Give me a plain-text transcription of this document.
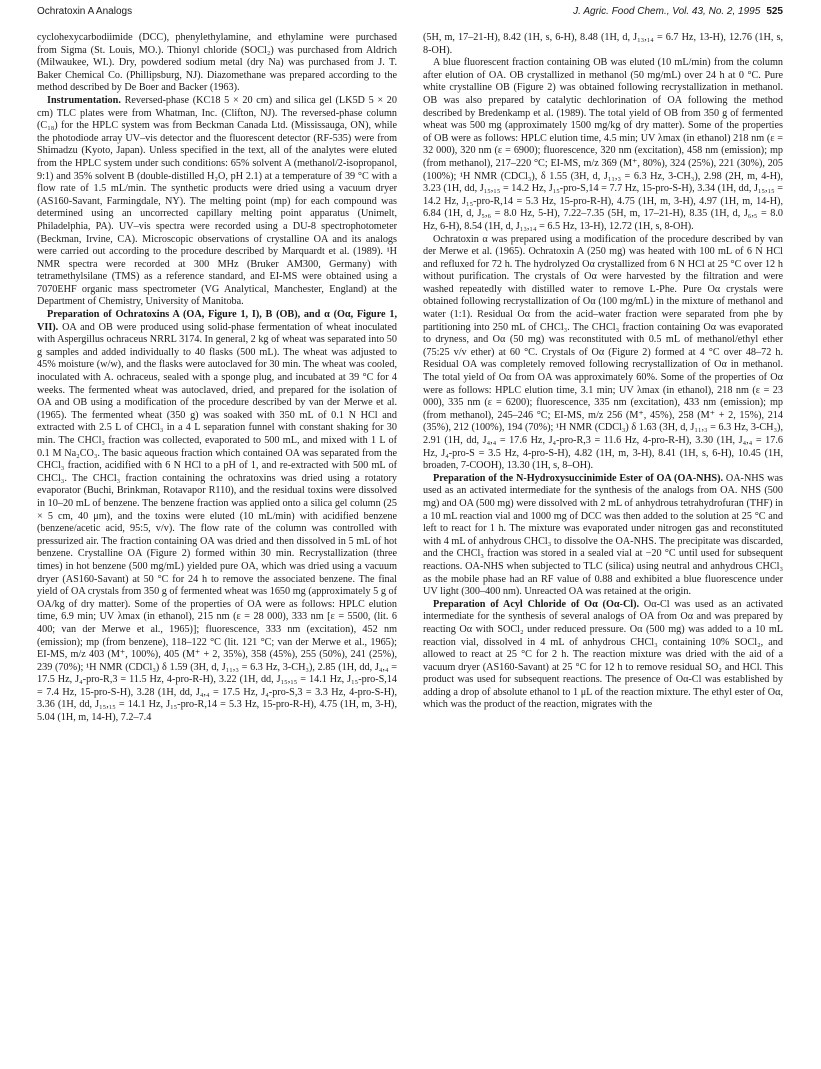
Ochratoxin A Analogs	J. Agric. Food Chem., Vol. 43, No. 2, 1995 525

cyclohexycarbodiimide (DCC), phenylethylamine, and ethylamine were purchased from Sigma (St. Louis, MO.). Thionyl chloride (SOCl₂) was purchased from Aldrich (Milwaukee, WI.). Dry, powdered sodium metal (dry Na) was purchased from J. T. Baker Chemical Co. (Phillipsburg, NJ). Diazomethane was prepared according to the method described by De Boer and Backer (1963).

Instrumentation. Reversed-phase (KC18 5 × 20 cm) and silica gel (LK5D 5 × 20 cm) TLC plates were from Whatman, Inc. (Clifton, NJ). The reversed-phase column (C₁₈) for the HPLC system was from Beckman Canada Ltd. (Mississauga, ON), while the photodiode array UV–vis detector and the fluorescent detector (RF-535) were from Shimadzu (Kyoto, Japan). Unless specified in the text, all of the analytes were eluted from the HPLC system under such conditions: 65% solvent A (methanol/2-isopropanol, 9:1) and 35% solvent B (double-distilled H₂O, pH 2.1) at a temperature of 39 °C with a flow rate of 1.5 mL/min. The synthetic products were dried using a vacuum dryer (AS160-Savant, Farmingdale, NY). The melting point (mp) for each compound was determined using an uncorrected capillary melting point apparatus (Unimelt, Philadelphia, PA). UV–vis spectra were recorded using a DU-8 spectrophotometer (Beckman, Irvine, CA). Microscopic observations of crystalline OA and its analogs were carried out according to the procedure described by Marquardt et al. (1989). ¹H NMR spectra were recorded at 300 MHz (Bruker AM300, Germany) with tetramethylsilane (TMS) as a reference standard, and EI-MS were obtained using a 7070EHF organic mass spectrometer (VG Analytical, Manchester, England) at the Department of Chemistry, University of Manitoba.

Preparation of Ochratoxins A (OA, Figure 1, I), B (OB), and α (Oα, Figure 1, VII). OA and OB were produced using solid-phase fermentation of wheat inoculated with Aspergillus ochraceus NRRL 3174. In general, 2 kg of wheat was separated into 50 g samples and added individually to 40 flasks (500 mL). The wheat was adjusted to 45% moisture (w/w), and the flasks were autoclaved for 30 min. The wheat was cooled, inoculated with A. ochraceus, sealed with a sponge plug, and incubated at 39 °C for 4 weeks. The fermented wheat was autoclaved, dried, and prepared for the isolation of OA and OB using a modification of the procedure described by van der Merwe et al. (1965). The fermented wheat (350 g) was soaked with 350 mL of 0.1 N HCl and extracted with 2.5 L of CHCl₃ in a 4 L separation funnel with constant shaking for 30 min. The CHCl₃ fraction was collected, evaporated to 500 mL, and mixed with 1 L of 0.1 M Na₂CO₃. The basic aqueous fraction which contained OA was separated from the CHCl₃ fraction, acidified with 6 N HCl to a pH of 1, and re-extracted with 500 mL of CHCl₃. The CHCl₃ fraction containing the ochratoxins was dried using a rotatory evaporator (Buchi, Brinkman, Rotavapor R110), and the residual toxins were dissolved in 10–20 mL of benzene. The benzene fraction was applied onto a silica gel column (25 × 5 cm, 40 μm), and the toxins were eluted (10 mL/min) with acidified benzene (benzene/acetic acid, 95:5, v/v). The flow rate of the column was controlled with pressurized air. The fraction containing OA was dried and then dissolved in 5 mL of hot benzene. Crystalline OA (Figure 2) formed within 30 min. Recrystallization (three times) in hot benzene (500 mg/mL) yielded pure OA, which was dried using a vacuum dryer (AS160-Savant) at 50 °C for 24 h to remove the associated benzene. The final yield of OA crystals from 350 g of fermented wheat was 1650 mg (approximately 5 g of OA/kg of dry matter). Some of the properties of OA were as follows: HPLC elution time, 6.9 min; UV λmax (in ethanol), 215 nm (ε = 28 000), 333 nm [ε = 5500, (lit. 6 400; van der Merwe et al., 1965)]; fluorescence, 333 nm (excitation), 452 nm (emission); mp (from benzene), 118–122 °C (lit. 121 °C; van der Merwe et al., 1965); EI-MS, m/z 403 (M⁺, 100%), 405 (M⁺ + 2, 35%), 358 (45%), 255 (50%), 241 (25%), 239 (70%); ¹H NMR (CDCl₃) δ 1.59 (3H, d, J₁₁,₃ = 6.3 Hz, 3-CH₃), 2.85 (1H, dd, J₄,₄ = 17.5 Hz, J₄-pro-R,3 = 11.5 Hz, 4-pro-R-H), 3.22 (1H, dd, J₁₅,₁₅ = 14.1 Hz, J₁₅-pro-S,14 = 7.4 Hz, 15-pro-S-H), 3.28 (1H, dd, J₄,₄ = 17.5 Hz, J₄-pro-S,3 = 3.3 Hz, 4-pro-S-H), 3.36 (1H, dd, J₁₅,₁₅ = 14.1 Hz, J₁₅-pro-R,14 = 5.3 Hz, 15-pro-R-H), 4.75 (1H, m, 3-H), 5.04 (1H, m, 14-H), 7.2–7.4

(5H, m, 17–21-H), 8.42 (1H, s, 6-H), 8.48 (1H, d, J₁₃,₁₄ = 6.7 Hz, 13-H), 12.76 (1H, s, 8-OH).

A blue fluorescent fraction containing OB was eluted (10 mL/min) from the column after elution of OA. OB crystallized in methanol (50 mg/mL) over 24 h at 0 °C. Pure white crystalline OB (Figure 2) was obtained following recrystallization in methanol. OB was also prepared by catalytic dechlorination of OA following the method described by Bredenkamp et al. (1989). The total yield of OB from 350 g of fermented wheat was 500 mg (approximately 1500 mg/kg of dry matter). Some of the properties of OB were as follows: HPLC elution time, 4.5 min; UV λmax (in ethanol) 218 nm (ε = 32 000), 320 nm (ε = 6900); fluorescence, 320 nm (excitation), 458 nm (emission); mp (from methanol), 217–220 °C; EI-MS, m/z 369 (M⁺, 80%), 324 (25%), 221 (30%), 205 (100%); ¹H NMR (CDCl₃), δ 1.55 (3H, d, J₁₁,₃ = 6.3 Hz, 3-CH₃), 2.98 (2H, m, 4-H), 3.23 (1H, dd, J₁₅,₁₅ = 14.2 Hz, J₁₅-pro-S,14 = 7.7 Hz, 15-pro-S-H), 3.34 (1H, dd, J₁₅,₁₅ = 14.2 Hz, J₁₅-pro-R,14 = 5.3 Hz, 15-pro-R-H), 4.75 (1H, m, 3-H), 4.97 (1H, m, 14-H), 6.84 (1H, d, J₅,₆ = 8.0 Hz, 5-H), 7.22–7.35 (5H, m, 17–21-H), 8.35 (1H, d, J₆,₅ = 8.0 Hz, 6-H), 8.54 (1H, d, J₁₃,₁₄ = 6.5 Hz, 13-H), 12.72 (1H, s, 8-OH).

Ochratoxin α was prepared using a modification of the procedure described by van der Merwe et al. (1965). Ochratoxin A (250 mg) was heated with 100 mL of 6 N HCl and refluxed for 72 h. The hydrolyzed Oα crystallized from 6 N HCl at 25 °C over 12 h without purification. The crystals of Oα were harvested by the filtration and were washed repeatedly with distilled water to remove L-Phe. Pure Oα crystals were obtained following recrystallization of Oα (100 mg/mL) in the mixture of methanol and water (1:1). Residual Oα from the acid–water fraction were separated from phe by partitioning into 250 mL of CHCl₃. The CHCl₃ fraction containing Oα was evaporated to dryness, and Oα (50 mg) was reconstituted with 0.5 mL of methanol/ethyl ether (75:25 v/v ether) at 60 °C. Crystals of Oα (Figure 2) formed at 4 °C over 48–72 h. Residual OA was completely removed following recrystallization of Oα in methanol. The total yield of Oα from OA was approximately 60%. Some of the properties of Oα were as follows: HPLC elution time, 3.1 min; UV λmax (in ethanol), 218 nm (ε = 23 000), 335 nm (ε = 6200); fluorescence, 335 nm (excitation), 433 nm (emission); mp (from methanol), 245–246 °C; EI-MS, m/z 256 (M⁺, 45%), 258 (M⁺ + 2, 15%), 214 (35%), 212 (100%), 194 (70%); ¹H NMR (CDCl₃) δ 1.63 (3H, d, J₁₁,₃ = 6.3 Hz, 3-CH₃), 2.91 (1H, dd, J₄,₄ = 17.6 Hz, J₄-pro-R,3 = 11.6 Hz, 4-pro-R-H), 3.30 (1H, J₄,₄ = 17.6 Hz, J₄-pro-S = 3.5 Hz, 4-pro-S-H), 4.82 (1H, m, 3-H), 8.41 (1H, s, 6-H), 10.45 (1H, broaden, 7-COOH), 13.30 (1H, s, 8–OH).

Preparation of the N-Hydroxysuccinimide Ester of OA (OA-NHS). OA-NHS was used as an activated intermediate for the synthesis of the analogs from OA. NHS (500 mg) and OA (500 mg) were dissolved with 2 mL of anhydrous tetrahydrofuran (THF) in a 10 mL reaction vial and 1000 mg of DCC was then added to the solution at 25 °C and left to react for 1 h. The mixture was evaporated under nitrogen gas and reconstituted with 4 mL of anhydrous CHCl₃ to dissolve the OA-NHS. The precipitate was discarded, and the CHCl₃ fraction was stored in a sealed vial at −20 °C until used for subsequent reactions. OA-NHS when subjected to TLC (silica) using neutral and anhydrous CHCl₃ as the mobile phase had an RF value of 0.88 and exhibited a blue fluorescence under UV light (300–400 nm). Unreacted OA was retained at the origin.

Preparation of Acyl Chloride of Oα (Oα-Cl). Oα-Cl was used as an activated intermediate for the synthesis of several analogs of OA from Oα and was prepared by reacting Oα with SOCl₂ under reduced pressure. Oα (500 mg) was added to a 10 mL reaction vial, dissolved in 4 mL of anhydrous CHCl₃ containing 10% SOCl₂, and allowed to react at 25 °C for 2 h. The reaction mixture was dried with the aid of a vacuum dryer (AS160-Savant) at 25 °C for 12 h to remove residual SO₂ and HCl. This product was used for subsequent reactions. The presence of Oα-Cl was established by adding a drop of absolute ethanol to 1 μL of the reaction mixture. The ethyl ester of Oα, which was the product of the reaction, migrates with the
